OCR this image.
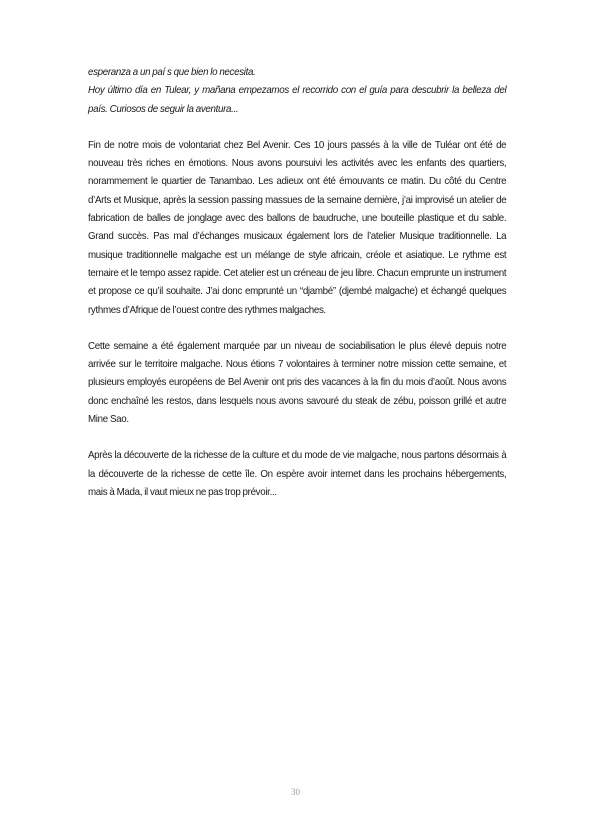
esperanza a un paí s que bien lo necesita.

Hoy último día en Tulear, y mañana empezamos el recorrido con el guía para descubrir la belleza del país. Curiosos de seguir la aventura...

Fin de notre mois de volontariat chez Bel Avenir. Ces 10 jours passés à la ville de Tuléar ont été de nouveau très riches en émotions. Nous avons poursuivi les activités avec les enfants des quartiers, norammement le quartier de Tanambao. Les adieux ont été émouvants ce matin. Du côté du Centre d’Arts et Musique, après la session passing massues de la semaine dernière, j’ai improvisé un atelier de fabrication de balles de jonglage avec des ballons de baudruche, une bouteille plastique et du sable. Grand succès. Pas mal d’échanges musicaux également lors de l’atelier Musique traditionnelle. La musique traditionnelle malgache est un mélange de style africain, créole et asiatique. Le rythme est ternaire et le tempo assez rapide. Cet atelier est un créneau de jeu libre. Chacun emprunte un instrument et propose ce qu’il souhaite. J’ai donc emprunté un “djambé” (djembé malgache) et échangé quelques rythmes d’Afrique de l’ouest contre des rythmes malgaches.

Cette semaine a été également marquée par un niveau de sociabilisation le plus élevé depuis notre arrivée sur le territoire malgache. Nous étions 7 volontaires à terminer notre mission cette semaine, et plusieurs employés européens de Bel Avenir ont pris des vacances à la fin du mois d’août. Nous avons donc enchaîné les restos, dans lesquels nous avons savouré du steak de zébu, poisson grillé et autre Mine Sao.

Après la découverte de la richesse de la culture et du mode de vie malgache, nous partons désormais à la découverte de la richesse de cette île. On espère avoir internet dans les prochains hébergements, mais à Mada, il vaut mieux ne pas trop prévoir...

30
